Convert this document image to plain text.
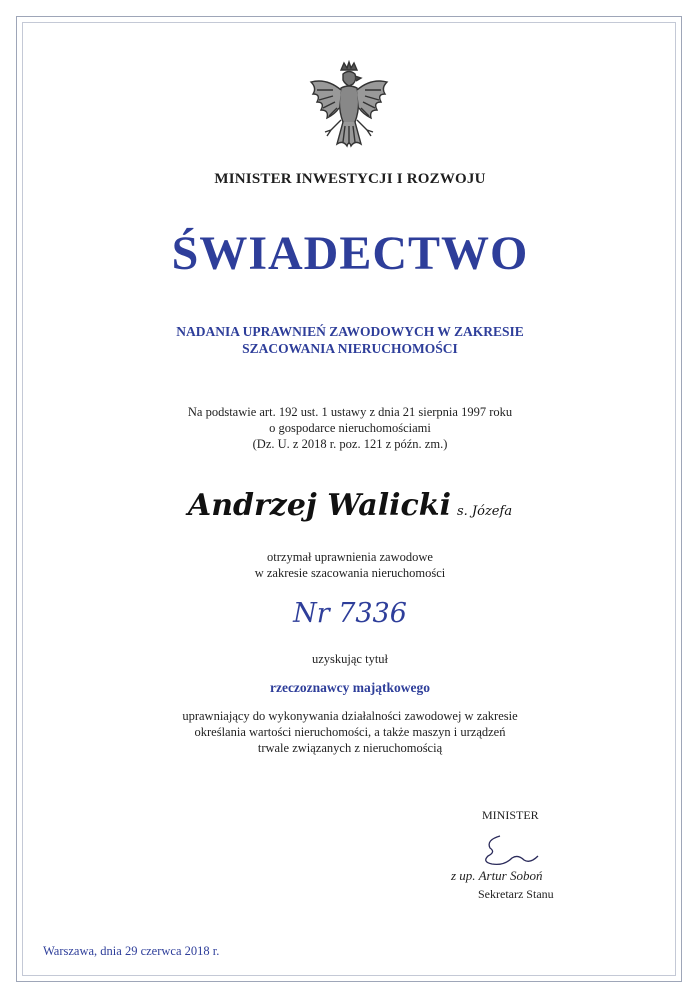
MINISTER INWESTYCJI I ROZWOJU
ŚWIADECTWO
NADANIA UPRAWNIEŃ ZAWODOWYCH W ZAKRESIE
SZACOWANIA NIERUCHOMOŚCI
Na podstawie art. 192 ust. 1 ustawy z dnia 21 sierpnia 1997 roku
o gospodarce nieruchomościami
(Dz. U. z 2018 r. poz. 121 z późn. zm.)
Andrzej Walicki s. Józefa
otrzymał uprawnienia zawodowe
w zakresie szacowania nieruchomości
Nr 7336
uzyskując tytuł
rzeczoznawcy majątkowego
uprawniający do wykonywania działalności zawodowej w zakresie
określania wartości nieruchomości, a także maszyn i urządzeń
trwale związanych z nieruchomością
MINISTER
z up. Artur Soboń
Sekretarz Stanu
Warszawa, dnia 29 czerwca 2018 r.
